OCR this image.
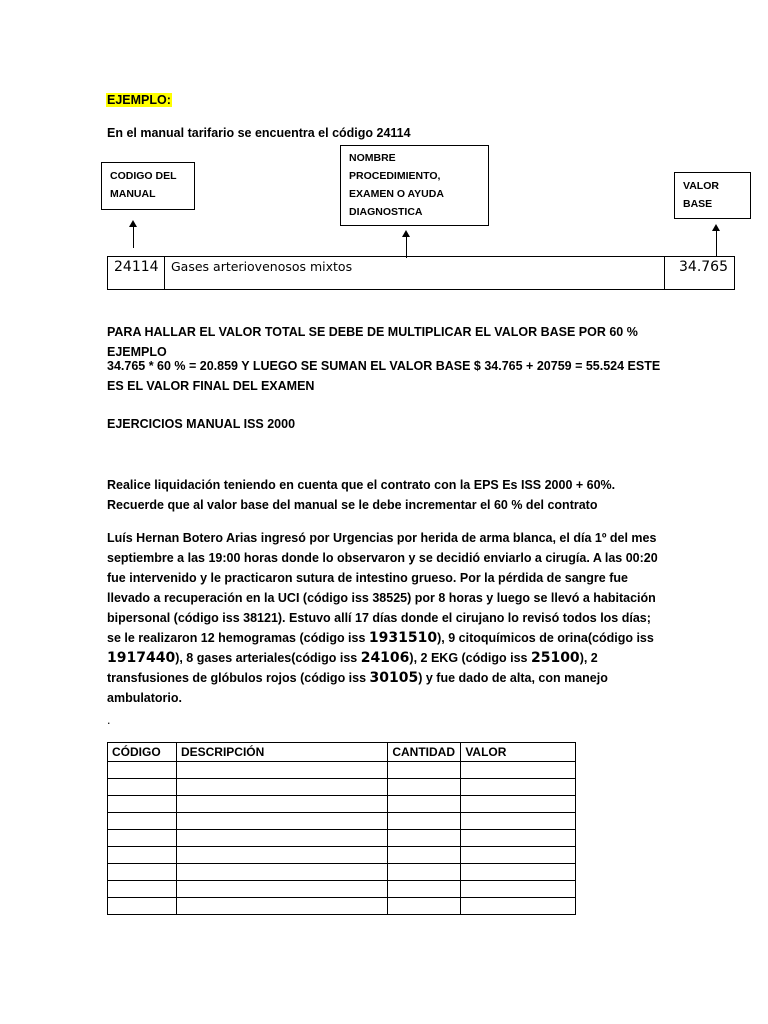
EJEMPLO:
En el manual tarifario se encuentra el código 24114
CODIGO DEL MANUAL
NOMBRE PROCEDIMIENTO, EXAMEN O AYUDA DIAGNOSTICA
VALOR BASE
24114 Gases arteriovenosos mixtos	34.765
PARA HALLAR EL VALOR TOTAL SE DEBE DE MULTIPLICAR EL VALOR BASE POR 60 % EJEMPLO
34.765 * 60 % = 20.859 Y LUEGO SE SUMAN EL VALOR BASE $ 34.765 + 20759 = 55.524 ESTE ES EL VALOR FINAL DEL EXAMEN
EJERCICIOS MANUAL ISS 2000
Realice liquidación teniendo en cuenta que el contrato con la EPS Es ISS 2000 + 60%. Recuerde que al valor base del manual se le debe incrementar el 60 % del contrato
Luís Hernan Botero Arias ingresó por Urgencias por herida de arma blanca, el día 1º del mes septiembre a las 19:00 horas donde lo observaron y se decidió enviarlo a cirugía. A las 00:20 fue intervenido y le practicaron sutura de intestino grueso. Por la pérdida de sangre fue llevado a recuperación en la UCI (código iss 38525) por 8 horas y luego se llevó a habitación bipersonal (código iss 38121). Estuvo allí 17 días donde el cirujano lo revisó todos los días; se le realizaron 12 hemogramas (código iss 1931510), 9 citoquímicos de orina(código iss 1917440), 8 gases arteriales(código iss 24106), 2 EKG (código iss 25100), 2 transfusiones de glóbulos rojos (código iss 30105) y fue dado de alta, con manejo ambulatorio.
.
CÓDIGO	DESCRIPCIÓN	CANTIDAD	VALOR
